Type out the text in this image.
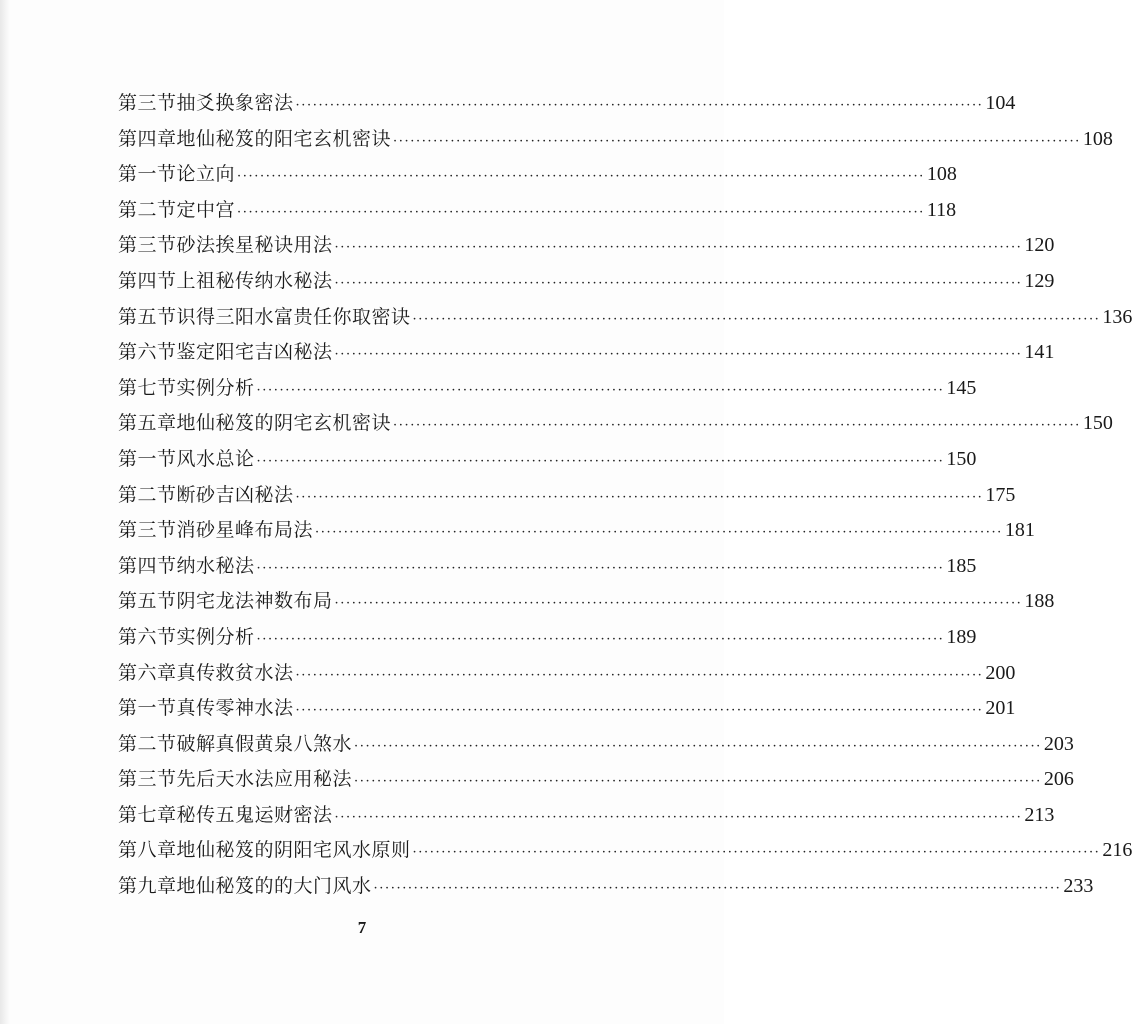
第三节 抽爻换象密法 ························································································································ 104
第四章 地仙秘笈的阳宅玄机密诀 ························································································································ 108
第一节 论立向 ························································································································ 108
第二节 定中宫 ························································································································ 118
第三节 砂法挨星秘诀用法 ························································································································ 120
第四节 上祖秘传纳水秘法 ························································································································ 129
第五节 识得三阳水富贵任你取密诀 ························································································································ 136
第六节 鉴定阳宅吉凶秘法 ························································································································ 141
第七节 实例分析 ························································································································ 145
第五章 地仙秘笈的阴宅玄机密诀 ························································································································ 150
第一节 风水总论 ························································································································ 150
第二节 断砂吉凶秘法 ························································································································ 175
第三节 消砂星峰布局法 ························································································································ 181
第四节 纳水秘法 ························································································································ 185
第五节 阴宅龙法神数布局 ························································································································ 188
第六节 实例分析 ························································································································ 189
第六章 真传救贫水法 ························································································································ 200
第一节 真传零神水法 ························································································································ 201
第二节 破解真假黄泉八煞水 ························································································································ 203
第三节 先后天水法应用秘法 ························································································································ 206
第七章 秘传五鬼运财密法 ························································································································ 213
第八章 地仙秘笈的阴阳宅风水原则 ························································································································ 216
第九章 地仙秘笈的的大门风水 ························································································································ 233
7
